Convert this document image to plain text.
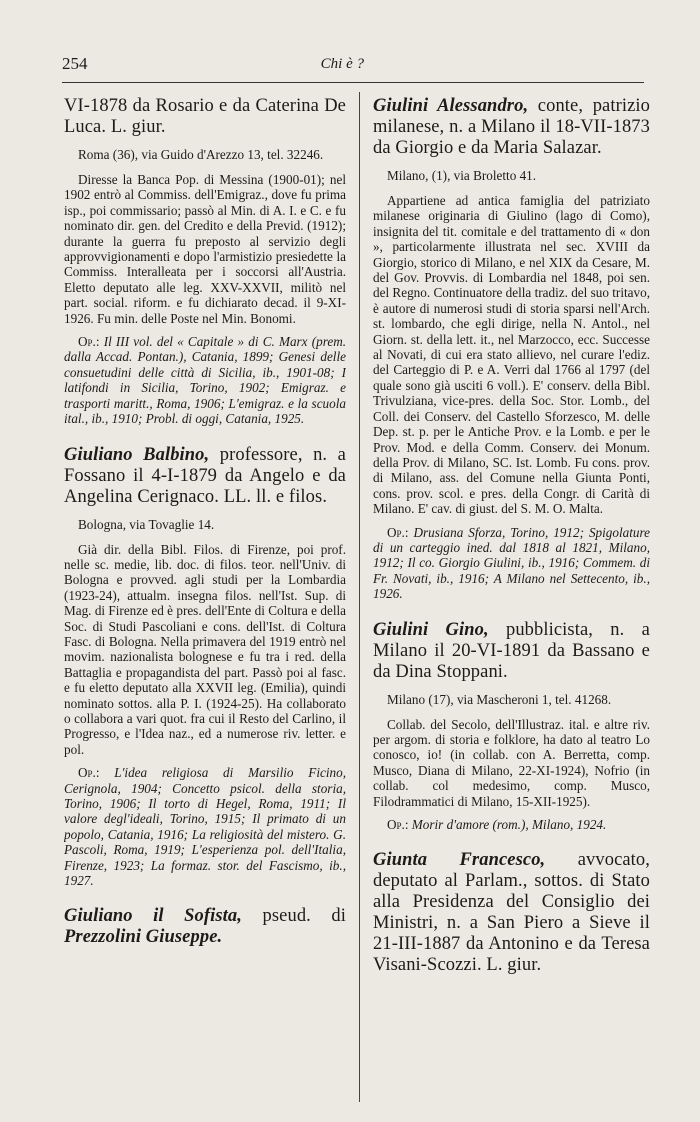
254	Chi è ?

VI-1878 da Rosario e da Caterina De Luca. L. giur.

Roma (36), via Guido d'Arezzo 13, tel. 32246.

Diresse la Banca Pop. di Messina (1900-01); nel 1902 entrò al Commiss. dell'Emigraz., dove fu prima isp., poi commissario; passò al Min. di A. I. e C. e fu nominato dir. gen. del Credito e della Previd. (1912); durante la guerra fu preposto al servizio degli approvvigionamenti e dopo l'armistizio presiedette la Commiss. Interalleata per i soccorsi all'Austria. Eletto deputato alle leg. XXV-XXVII, militò nel part. social. riform. e fu dichiarato decad. il 9-XI-1926. Fu min. delle Poste nel Min. Bonomi.

Op.: Il III vol. del « Capitale » di C. Marx (prem. dalla Accad. Pontan.), Catania, 1899; Genesi delle consuetudini delle città di Sicilia, ib., 1901-08; I latifondi in Sicilia, Torino, 1902; Emigraz. e trasporti maritt., Roma, 1906; L'emigraz. e la scuola ital., ib., 1910; Probl. di oggi, Catania, 1925.

Giuliano Balbino, professore, n. a Fossano il 4-I-1879 da Angelo e da Angelina Cerignaco. LL. ll. e filos.

Bologna, via Tovaglie 14.

Già dir. della Bibl. Filos. di Firenze, poi prof. nelle sc. medie, lib. doc. di filos. teor. nell'Univ. di Bologna e provved. agli studi per la Lombardia (1923-24), attualm. insegna filos. nell'Ist. Sup. di Mag. di Firenze ed è pres. dell'Ente di Coltura e della Soc. di Studi Pascoliani e cons. dell'Ist. di Coltura Fasc. di Bologna. Nella primavera del 1919 entrò nel movim. nazionalista bolognese e fu tra i red. della Battaglia e propagandista del part. Passò poi al fasc. e fu eletto deputato alla XXVII leg. (Emilia), quindi nominato sottos. alla P. I. (1924-25). Ha collaborato o collabora a vari quot. fra cui il Resto del Carlino, il Progresso, e l'Idea naz., ed a numerose riv. letter. e pol.

Op.: L'idea religiosa di Marsilio Ficino, Cerignola, 1904; Concetto psicol. della storia, Torino, 1906; Il torto di Hegel, Roma, 1911; Il valore degl'ideali, Torino, 1915; Il primato di un popolo, Catania, 1916; La religiosità del mistero. G. Pascoli, Roma, 1919; L'esperienza pol. dell'Italia, Firenze, 1923; La formaz. stor. del Fascismo, ib., 1927.

Giuliano il Sofista, pseud. di Prezzolini Giuseppe.

Giulini Alessandro, conte, patrizio milanese, n. a Milano il 18-VII-1873 da Giorgio e da Maria Salazar.

Milano, (1), via Broletto 41.

Appartiene ad antica famiglia del patriziato milanese originaria di Giulino (lago di Como), insignita del tit. comitale e del trattamento di « don », particolarmente illustrata nel sec. XVIII da Giorgio, storico di Milano, e nel XIX da Cesare, M. del Gov. Provvis. di Lombardia nel 1848, poi sen. del Regno. Continuatore della tradiz. del suo tritavo, è autore di numerosi studi di storia sparsi nell'Arch. st. lombardo, che egli dirige, nella N. Antol., nel Giorn. st. della lett. it., nel Marzocco, ecc. Successe al Novati, di cui era stato allievo, nel curare l'ediz. del Carteggio di P. e A. Verri dal 1766 al 1797 (del quale sono già usciti 6 voll.). E' conserv. della Bibl. Trivulziana, vice-pres. della Soc. Stor. Lomb., del Coll. dei Conserv. del Castello Sforzesco, M. delle Dep. st. p. per le Antiche Prov. e la Lomb. e per le Prov. Mod. e della Comm. Conserv. dei Monum. della Prov. di Milano, SC. Ist. Lomb. Fu cons. prov. di Milano, ass. del Comune nella Giunta Ponti, cons. prov. scol. e pres. della Congr. di Carità di Milano. E' cav. di giust. del S. M. O. Malta.

Op.: Drusiana Sforza, Torino, 1912; Spigolature di un carteggio ined. dal 1818 al 1821, Milano, 1912; Il co. Giorgio Giulini, ib., 1916; Commem. di Fr. Novati, ib., 1916; A Milano nel Settecento, ib., 1926.

Giulini Gino, pubblicista, n. a Milano il 20-VI-1891 da Bassano e da Dina Stoppani.

Milano (17), via Mascheroni 1, tel. 41268.

Collab. del Secolo, dell'Illustraz. ital. e altre riv. per argom. di storia e folklore, ha dato al teatro Lo conosco, io! (in collab. con A. Berretta, comp. Musco, Diana di Milano, 22-XI-1924), Nofrio (in collab. col medesimo, comp. Musco, Filodrammatici di Milano, 15-XII-1925).

Op.: Morir d'amore (rom.), Milano, 1924.

Giunta Francesco, avvocato, deputato al Parlam., sottos. di Stato alla Presidenza del Consiglio dei Ministri, n. a San Piero a Sieve il 21-III-1887 da Antonino e da Teresa Visani-Scozzi. L. giur.
